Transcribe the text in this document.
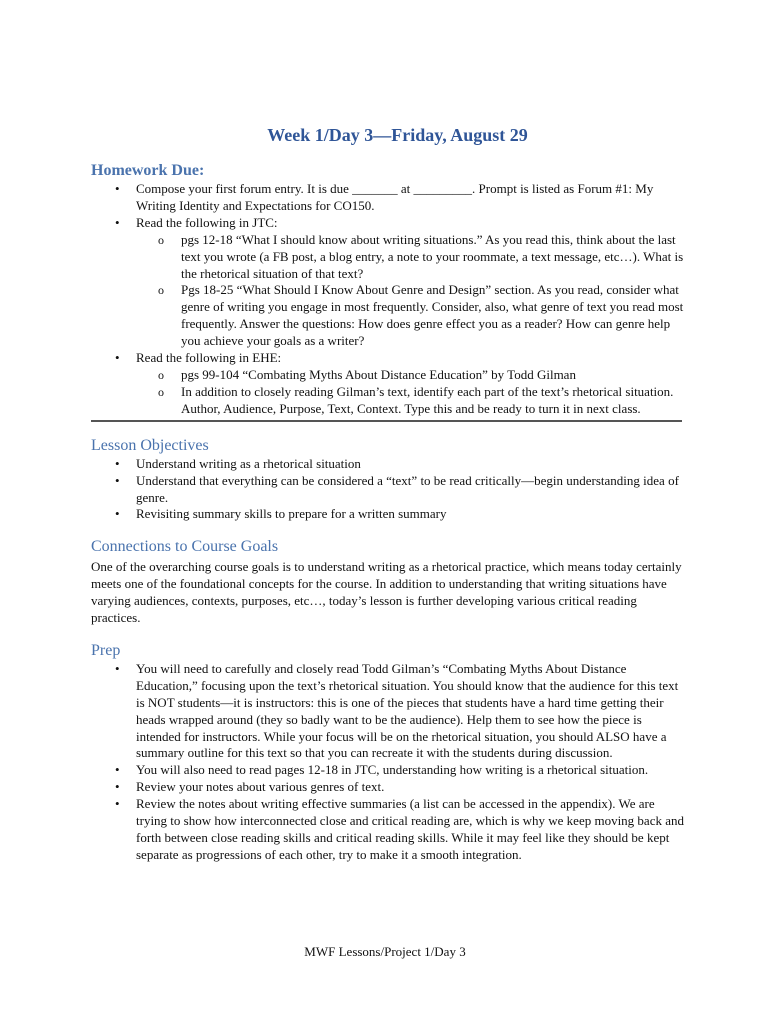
Week 1/Day 3—Friday, August 29
Homework Due:
• Compose your first forum entry. It is due _______ at _________. Prompt is listed as Forum #1: My Writing Identity and Expectations for CO150.
• Read the following in JTC:
o pgs 12-18 “What I should know about writing situations.” As you read this, think about the last text you wrote (a FB post, a blog entry, a note to your roommate, a text message, etc…). What is the rhetorical situation of that text?
o Pgs 18-25 “What Should I Know About Genre and Design” section. As you read, consider what genre of writing you engage in most frequently. Consider, also, what genre of text you read most frequently. Answer the questions: How does genre effect you as a reader? How can genre help you achieve your goals as a writer?
• Read the following in EHE:
o pgs 99-104 “Combating Myths About Distance Education” by Todd Gilman
o In addition to closely reading Gilman’s text, identify each part of the text’s rhetorical situation. Author, Audience, Purpose, Text, Context. Type this and be ready to turn it in next class.
Lesson Objectives
• Understand writing as a rhetorical situation
• Understand that everything can be considered a “text” to be read critically—begin understanding idea of genre.
• Revisiting summary skills to prepare for a written summary
Connections to Course Goals

One of the overarching course goals is to understand writing as a rhetorical practice, which means today certainly meets one of the foundational concepts for the course. In addition to understanding that writing situations have varying audiences, contexts, purposes, etc…, today’s lesson is further developing various critical reading practices.

Prep
• You will need to carefully and closely read Todd Gilman’s “Combating Myths About Distance Education,” focusing upon the text’s rhetorical situation. You should know that the audience for this text is NOT students—it is instructors: this is one of the pieces that students have a hard time getting their heads wrapped around (they so badly want to be the audience). Help them to see how the piece is intended for instructors. While your focus will be on the rhetorical situation, you should ALSO have a summary outline for this text so that you can recreate it with the students during discussion.
• You will also need to read pages 12-18 in JTC, understanding how writing is a rhetorical situation.
• Review your notes about various genres of text.
• Review the notes about writing effective summaries (a list can be accessed in the appendix). We are trying to show how interconnected close and critical reading are, which is why we keep moving back and forth between close reading skills and critical reading skills. While it may feel like they should be kept separate as progressions of each other, try to make it a smooth integration.
MWF Lessons/Project 1/Day 3
